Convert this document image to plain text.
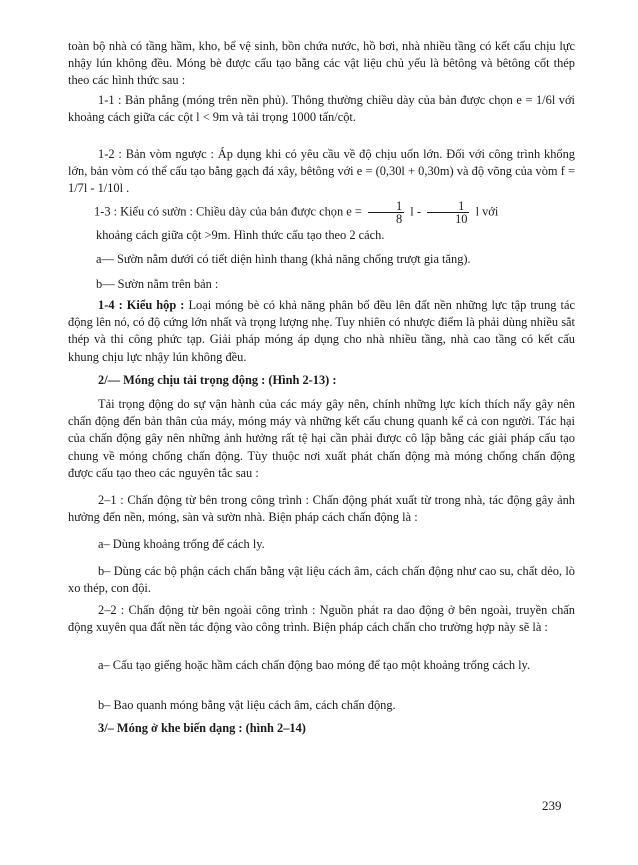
toàn bộ nhà có tầng hầm, kho, bể vệ sinh, bồn chứa nước, hồ bơi, nhà nhiều tầng có kết cấu chịu lực nhậy lún không đều. Móng bè được cấu tạo bằng các vật liệu chủ yếu là bêtông và bêtông cốt thép theo các hình thức sau :

1-1 : Bản phẳng (móng trên nền phủ). Thông thường chiều dày của bản được chọn e = 1/6l với khoảng cách giữa các cột l < 9m và tải trọng 1000 tấn/cột.

1-2 : Bản vòm ngược : Áp dụng khi có yêu cầu về độ chịu uốn lớn. Đối với công trình khổng lớn, bản vòm có thể cấu tạo bằng gạch đá xây, bêtông với e = (0,30l + 0,30m) và độ võng của vòm f = 1/7l - 1/10l .

1-3 : Kiểu có sườn : Chiều dày của bản được chọn $e = \frac{1}{8}$ l - $\frac{1}{10}$ l với

khoảng cách giữa cột >9m. Hình thức cấu tạo theo 2 cách.

a— Sườn nằm dưới có tiết diện hình thang (khả năng chống trượt gia tăng).

b— Sườn nằm trên bản :

1-4 : Kiểu hộp : Loại móng bè có khả năng phân bố đều lên đất nền những lực tập trung tác động lên nó, có độ cứng lớn nhất và trọng lượng nhẹ. Tuy nhiên có nhược điểm là phải dùng nhiều sắt thép và thi công phức tạp. Giải pháp móng áp dụng cho nhà nhiều tầng, nhà cao tầng có kết cấu khung chịu lực nhậy lún không đều.

2/— Móng chịu tải trọng động : (Hình 2-13) :

Tải trọng động do sự vận hành của các máy gây nên, chính những lực kích thích nẩy gây nên chấn động đến bản thân của máy, móng máy và những kết cấu chung quanh kể cả con người. Tác hại của chấn động gây nên những ảnh hưởng rất tệ hại cần phải được cô lập bằng các giải pháp cấu tạo chung về móng chống chấn động. Tùy thuộc nơi xuất phát chấn động mà móng chống chấn động được cấu tạo theo các nguyên tắc sau :

2–1 : Chấn động từ bên trong công trình : Chấn động phát xuất từ trong nhà, tác động gây ảnh hưởng đến nền, móng, sàn và sườn nhà. Biện pháp cách chấn động là :

a– Dùng khoảng trống để cách ly.

b– Dùng các bộ phận cách chấn bằng vật liệu cách âm, cách chấn động như cao su, chất dẻo, lò xo thép, con đội.

2–2 : Chấn động từ bên ngoài công trình : Nguồn phát ra dao động ở bên ngoài, truyền chấn động xuyên qua đất nền tác động vào công trình. Biện pháp cách chấn cho trường hợp này sẽ là :

a– Cấu tạo giếng hoặc hầm cách chấn động bao móng để tạo một khoảng trống cách ly.

b– Bao quanh móng bằng vật liệu cách âm, cách chấn động.

3/– Móng ở khe biến dạng : (hình 2–14)

239
